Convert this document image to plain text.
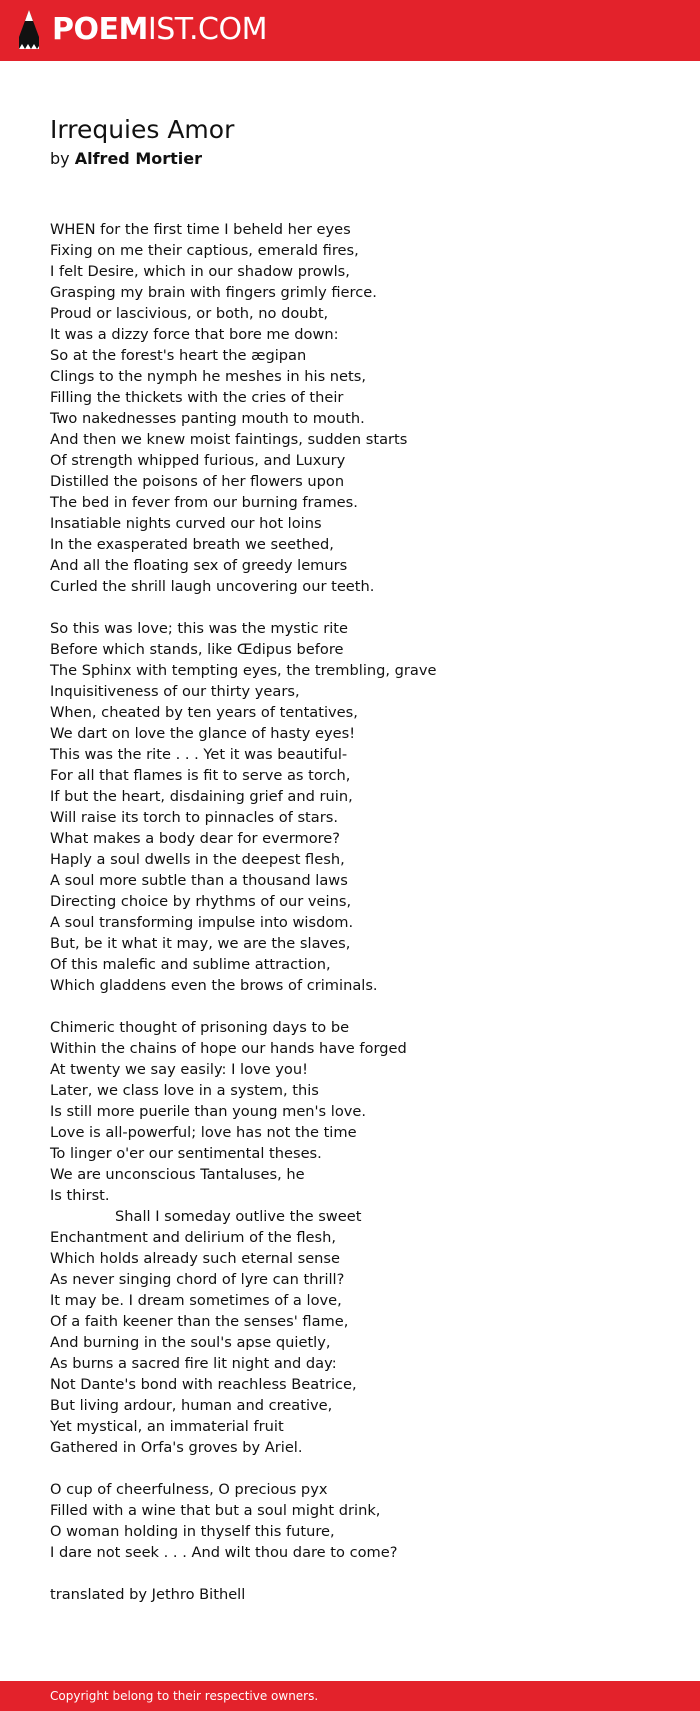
POEMIST.COM
Irrequies Amor
by Alfred Mortier
WHEN for the first time I beheld her eyes
Fixing on me their captious, emerald fires,
I felt Desire, which in our shadow prowls,
Grasping my brain with fingers grimly fierce.
Proud or lascivious, or both, no doubt,
It was a dizzy force that bore me down:
So at the forest's heart the ægipan
Clings to the nymph he meshes in his nets,
Filling the thickets with the cries of their
Two nakednesses panting mouth to mouth.
And then we knew moist faintings, sudden starts
Of strength whipped furious, and Luxury
Distilled the poisons of her flowers upon
The bed in fever from our burning frames.
Insatiable nights curved our hot loins
In the exasperated breath we seethed,
And all the floating sex of greedy lemurs
Curled the shrill laugh uncovering our teeth.
So this was love; this was the mystic rite
Before which stands, like Œdipus before
The Sphinx with tempting eyes, the trembling, grave
Inquisitiveness of our thirty years,
When, cheated by ten years of tentatives,
We dart on love the glance of hasty eyes!
This was the rite . . . Yet it was beautiful-
For all that flames is fit to serve as torch,
If but the heart, disdaining grief and ruin,
Will raise its torch to pinnacles of stars.
What makes a body dear for evermore?
Haply a soul dwells in the deepest flesh,
A soul more subtle than a thousand laws
Directing choice by rhythms of our veins,
A soul transforming impulse into wisdom.
But, be it what it may, we are the slaves,
Of this malefic and sublime attraction,
Which gladdens even the brows of criminals.
Chimeric thought of prisoning days to be
Within the chains of hope our hands have forged
At twenty we say easily: I love you!
Later, we class love in a system, this
Is still more puerile than young men's love.
Love is all-powerful; love has not the time
To linger o'er our sentimental theses.
We are unconscious Tantaluses, he
Is thirst.
Shall I someday outlive the sweet
Enchantment and delirium of the flesh,
Which holds already such eternal sense
As never singing chord of lyre can thrill?
It may be. I dream sometimes of a love,
Of a faith keener than the senses' flame,
And burning in the soul's apse quietly,
As burns a sacred fire lit night and day:
Not Dante's bond with reachless Beatrice,
But living ardour, human and creative,
Yet mystical, an immaterial fruit
Gathered in Orfa's groves by Ariel.
O cup of cheerfulness, O precious pyx
Filled with a wine that but a soul might drink,
O woman holding in thyself this future,
I dare not seek . . . And wilt thou dare to come?
translated by Jethro Bithell
Copyright belong to their respective owners.
